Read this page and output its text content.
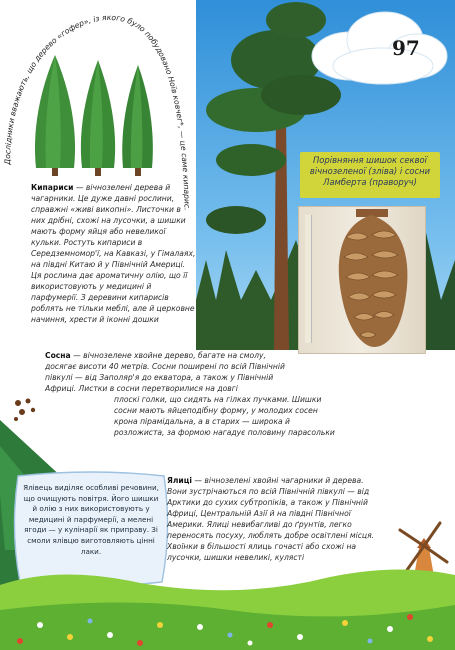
97
Дослідники вважають, що дерево «гофер», із якого було побудовано Ноїв ковчег*, — це саме кипарис.

Кипариси — вічнозелені дерева й чагарники. Це дуже давні рослини, справжні «живі викопні». Листочки в них дрібні, схожі на лусочки, а шишки мають форму яйця або невеликої кульки. Ростуть кипариси в Середземномор'ї, на Кавказі, у Гімалаях, на півдні Китаю й у Північній Америці. Ця рослина дає ароматичну олію, що її використовують у медицині й парфумерії. З деревини кипарисів роблять не тільки меблі, але й церковне начиння, хрести й іконні дошки

Порівняння шишок секвої вічнозеленої (зліва) і сосни Ламберта (праворуч)

Сосна — вічнозелене хвойне дерево, багате на смолу, досягає висоти 40 метрів. Сосни поширені по всій Північній півкулі — від Заполяр'я до екватора, а також у Північній Африці. Листки в сосни перетворилися на довгі

плоскі голки, що сидять на гілках пучками. Шишки сосни мають яйцеподібну форму, у молодих сосен крона пірамідальна, а в старих — широка й розложиста, за формою нагадує половину парасольки

Ялівець виділяє особливі речовини, що очищують повітря. Його шишки й олію з них використовують у медицині й парфумерії, а мелені ягоди — у кулінарії як приправу. Зі смоли ялівцю виготовляють цінні лаки.

Ялиці — вічнозелені хвойні чагарники й дерева. Вони зустрічаються по всій Північній півкулі — від Арктики до сухих субтропіків, а також у Північній Африці, Центральній Азії й на півдні Північної Америки. Ялиці невибагливі до ґрунтів, легко переносять посуху, люблять добре освітлені місця. Хвоїнки в більшості ялиць гочасті або схожі на лусочки, шишки невеликі, кулясті
